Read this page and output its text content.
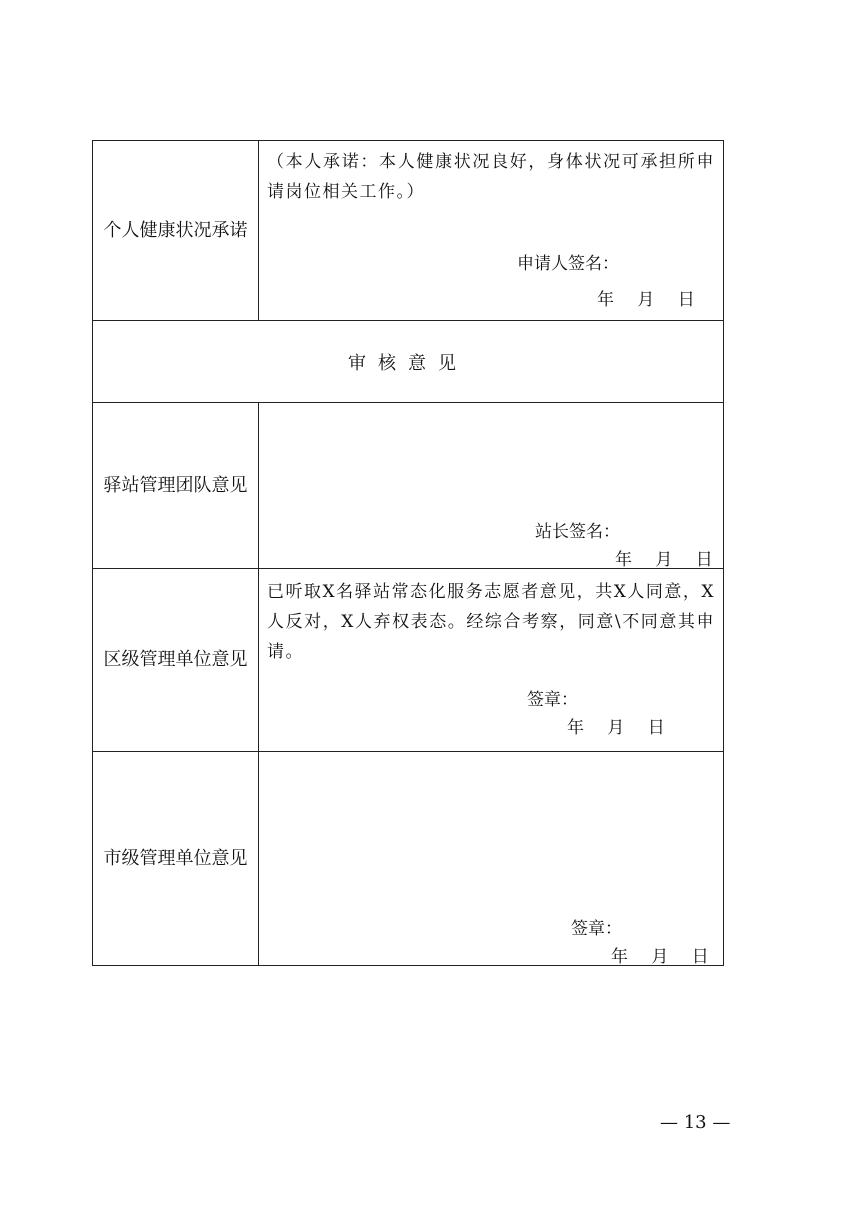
个人健康状况承诺
（本人承诺：本人健康状况良好，身体状况可承担所申请岗位相关工作。）
申请人签名：
年 月 日
审核意见
驿站管理团队意见
站长签名：
年 月 日
区级管理单位意见
已听取X名驿站常态化服务志愿者意见，共X人同意，X人反对，X人弃权表态。经综合考察，同意\不同意其申请。
签章：
年 月 日
市级管理单位意见
签章：
年 月 日
— 13 —
